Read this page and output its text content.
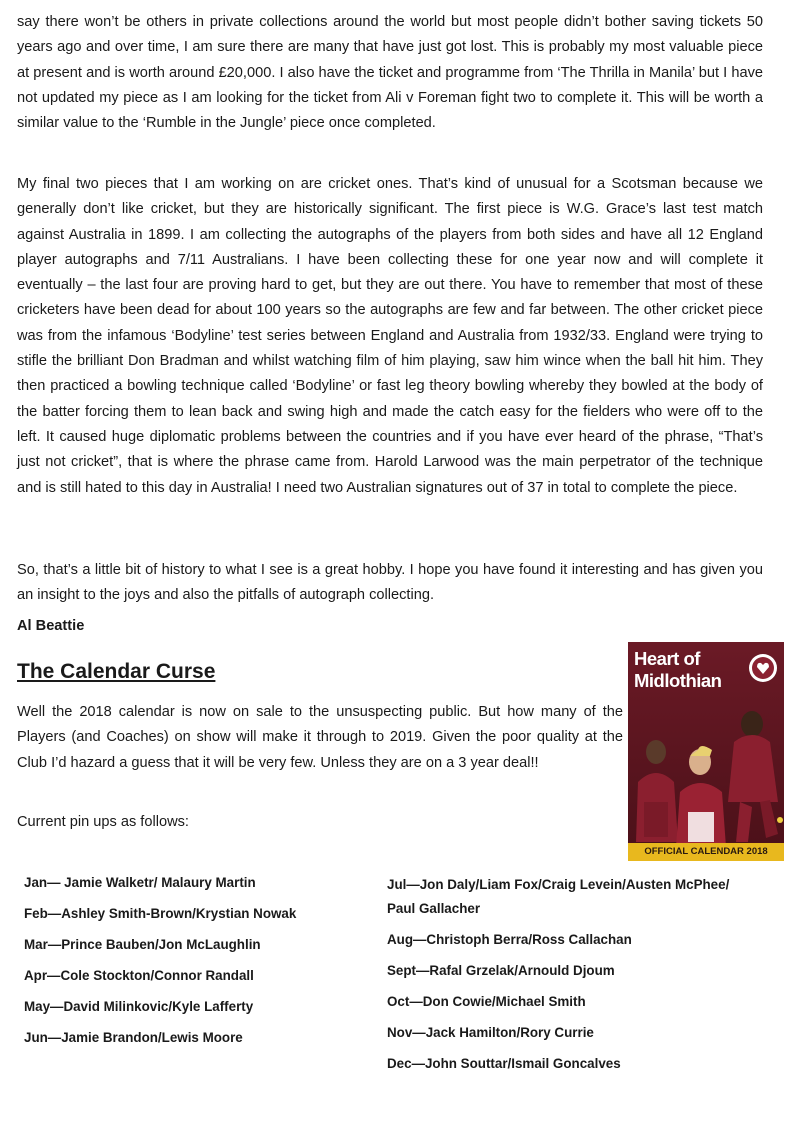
say there won’t be others in private collections around the world but most people didn’t bother saving tickets 50 years ago and over time, I am sure there are many that have just got lost. This is probably my most valuable piece at present and is worth around £20,000. I also have the ticket and programme from ‘The Thrilla in Manila’ but I have not updated my piece as I am looking for the ticket from Ali v Foreman fight two to complete it. This will be worth a similar value to the ‘Rumble in the Jungle’ piece once completed.

My final two pieces that I am working on are cricket ones. That’s kind of unusual for a Scotsman because we generally don’t like cricket, but they are historically significant. The first piece is W.G. Grace’s last test match against Australia in 1899. I am collecting the autographs of the players from both sides and have all 12 England player autographs and 7/11 Australians. I have been collecting these for one year now and will complete it eventually – the last four are proving hard to get, but they are out there. You have to remember that most of these cricketers have been dead for about 100 years so the autographs are few and far between. The other cricket piece was from the infamous ‘Bodyline’ test series between England and Australia from 1932/33. England were trying to stifle the brilliant Don Bradman and whilst watching film of him playing, saw him wince when the ball hit him. They then practiced a bowling technique called ‘Bodyline’ or fast leg theory bowling whereby they bowled at the body of the batter forcing them to lean back and swing high and made the catch easy for the fielders who were off to the left. It caused huge diplomatic problems between the countries and if you have ever heard of the phrase, “That’s just not cricket”, that is where the phrase came from. Harold Larwood was the main perpetrator of the technique and is still hated to this day in Australia! I need two Australian signatures out of 37 in total to complete the piece.

So, that’s a little bit of history to what I see is a great hobby. I hope you have found it interesting and has given you an insight to the joys and also the pitfalls of autograph collecting.

Al Beattie

The Calendar Curse

Well the 2018 calendar is now on sale to the unsuspecting public. But how many of the Players (and Coaches) on show will make it through to 2019. Given the poor quality at the Club I’d hazard a guess that it will be very few. Unless they are on a 3 year deal!!

Current pin ups as follows:

Heart of Midlothian

OFFICIAL CALENDAR 2018

Jan— Jamie Walketr/ Malaury Martin
Feb—Ashley Smith-Brown/Krystian Nowak
Mar—Prince Bauben/Jon McLaughlin
Apr—Cole Stockton/Connor Randall
May—David Milinkovic/Kyle Lafferty
Jun—Jamie Brandon/Lewis Moore
Jul—Jon Daly/Liam Fox/Craig Levein/Austen McPhee/ Paul Gallacher
Aug—Christoph Berra/Ross Callachan
Sept—Rafal Grzelak/Arnould Djoum
Oct—Don Cowie/Michael Smith
Nov—Jack Hamilton/Rory Currie
Dec—John Souttar/Ismail Goncalves
